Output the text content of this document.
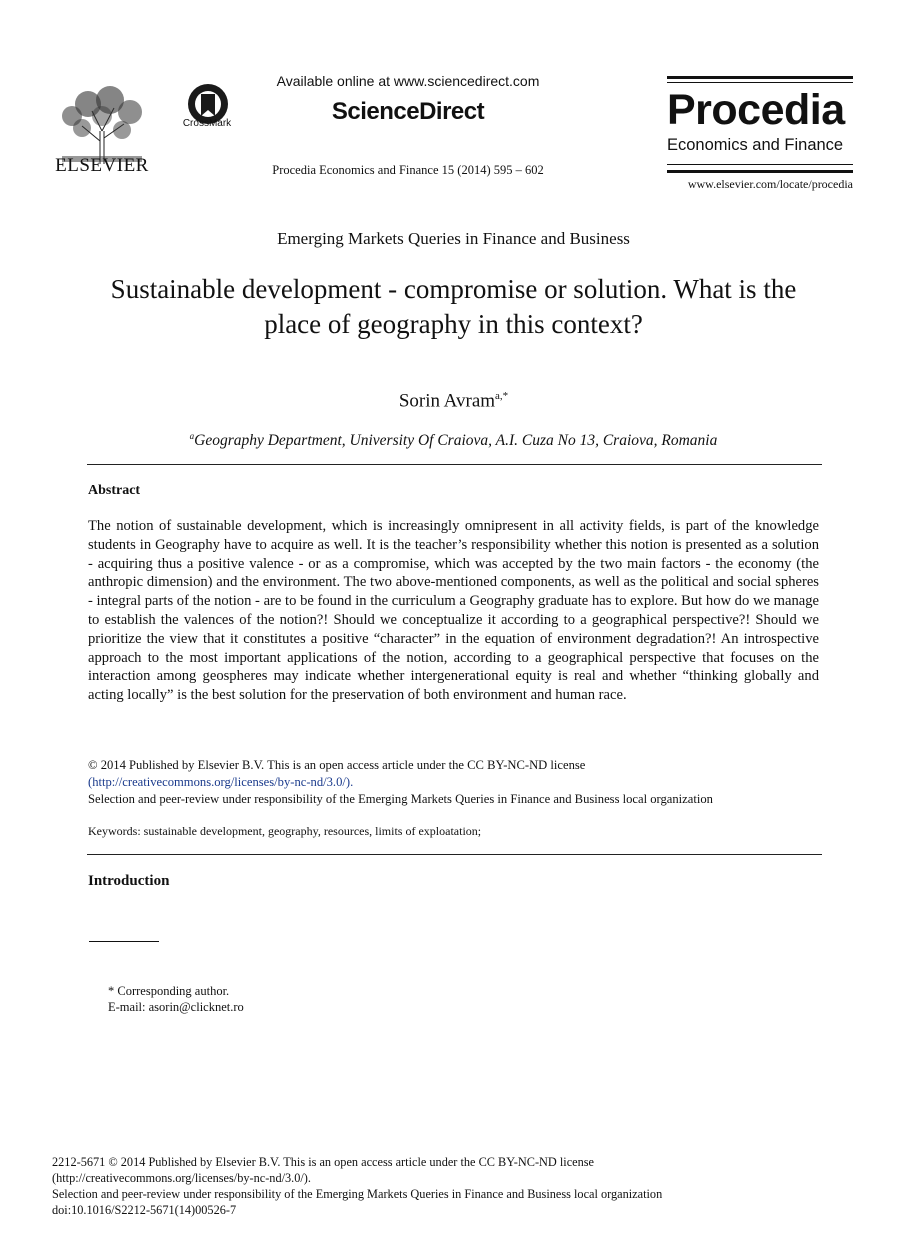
ELSEVIER
CrossMark
Available online at www.sciencedirect.com
ScienceDirect
Procedia Economics and Finance 15 (2014) 595 – 602
Procedia
Economics and Finance
www.elsevier.com/locate/procedia
Emerging Markets Queries in Finance and Business
Sustainable development - compromise or solution. What is the
place of geography in this context?
Sorin Avram$^{a,*}$
$^a$Geography Department, University Of Craiova, A.I. Cuza No 13, Craiova, Romania
Abstract
The notion of sustainable development, which is increasingly omnipresent in all activity fields, is part of the knowledge students in Geography have to acquire as well. It is the teacher’s responsibility whether this notion is presented as a solution - acquiring thus a positive valence - or as a compromise, which was accepted by the two main factors - the economy (the anthropic dimension) and the environment. The two above-mentioned components, as well as the political and social spheres - integral parts of the notion - are to be found in the curriculum a Geography graduate has to explore. But how do we manage to establish the valences of the notion?! Should we conceptualize it according to a geographical perspective?! Should we prioritize the view that it constitutes a positive “character” in the equation of environment degradation?! An introspective approach to the most important applications of the notion, according to a geographical perspective that focuses on the interaction among geospheres may indicate whether intergenerational equity is real and whether “thinking globally and acting locally” is the best solution for the preservation of both environment and human race.
© 2014 Published by Elsevier B.V. This is an open access article under the CC BY-NC-ND license
(http://creativecommons.org/licenses/by-nc-nd/3.0/).
Selection and peer-review under responsibility of the Emerging Markets Queries in Finance and Business local organization
Keywords: sustainable development, geography, resources, limits of exploatation;
Introduction
* Corresponding author.
E-mail: asorin@clicknet.ro
2212-5671 © 2014 Published by Elsevier B.V. This is an open access article under the CC BY-NC-ND license
(http://creativecommons.org/licenses/by-nc-nd/3.0/).
Selection and peer-review under responsibility of the Emerging Markets Queries in Finance and Business local organization
doi:10.1016/S2212-5671(14)00526-7
